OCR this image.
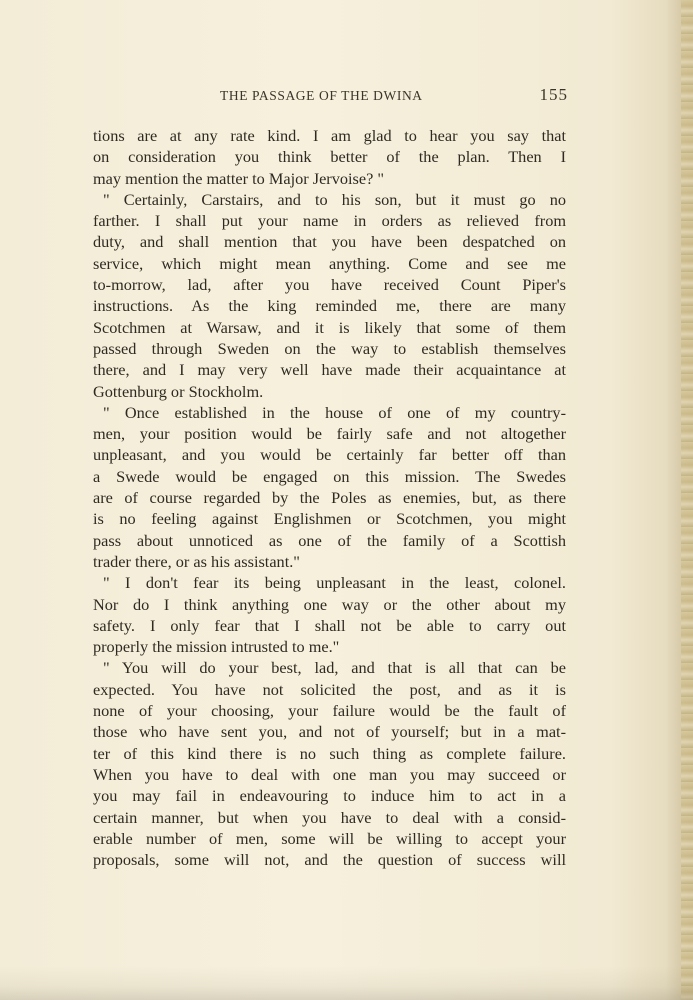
THE PASSAGE OF THE DWINA	155
tions are at any rate kind. I am glad to hear you say that
on consideration you think better of the plan. Then I
may mention the matter to Major Jervoise? "
" Certainly, Carstairs, and to his son, but it must go no
farther. I shall put your name in orders as relieved from
duty, and shall mention that you have been despatched on
service, which might mean anything. Come and see me
to-morrow, lad, after you have received Count Piper's
instructions. As the king reminded me, there are many
Scotchmen at Warsaw, and it is likely that some of them
passed through Sweden on the way to establish themselves
there, and I may very well have made their acquaintance at
Gottenburg or Stockholm.
" Once established in the house of one of my country-
men, your position would be fairly safe and not altogether
unpleasant, and you would be certainly far better off than
a Swede would be engaged on this mission. The Swedes
are of course regarded by the Poles as enemies, but, as there
is no feeling against Englishmen or Scotchmen, you might
pass about unnoticed as one of the family of a Scottish
trader there, or as his assistant."
" I don't fear its being unpleasant in the least, colonel.
Nor do I think anything one way or the other about my
safety. I only fear that I shall not be able to carry out
properly the mission intrusted to me."
" You will do your best, lad, and that is all that can be
expected. You have not solicited the post, and as it is
none of your choosing, your failure would be the fault of
those who have sent you, and not of yourself; but in a mat-
ter of this kind there is no such thing as complete failure.
When you have to deal with one man you may succeed or
you may fail in endeavouring to induce him to act in a
certain manner, but when you have to deal with a consid-
erable number of men, some will be willing to accept your
proposals, some will not, and the question of success will
